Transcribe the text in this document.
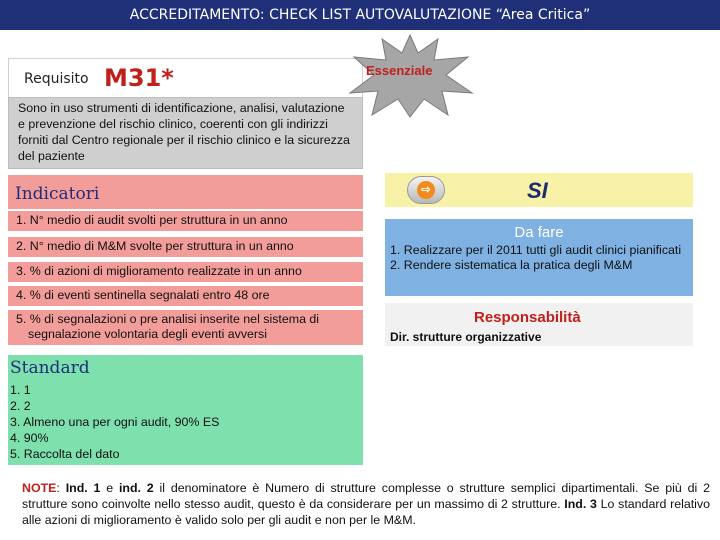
ACCREDITAMENTO: CHECK LIST AUTOVALUTAZIONE “Area Critica”
Requisito M31*	Essenziale
Sono in uso strumenti di identificazione, analisi, valutazione e prevenzione del rischio clinico, coerenti con gli indirizzi forniti dal Centro regionale per il rischio clinico e la sicurezza del paziente
Indicatori
1. N° medio di audit svolti per struttura in un anno
2. N° medio di M&M svolte per struttura in un anno
3. % di azioni di miglioramento realizzate in un anno
4. % di eventi sentinella segnalati entro 48 ore
5. % di segnalazioni o pre analisi inserite nel sistema di segnalazione volontaria degli eventi avversi
⇨	SI
Da fare
1. Realizzare per il 2011 tutti gli audit clinici pianificati
2. Rendere sistematica la pratica degli M&M
Responsabilità
Dir. strutture organizzative
Standard
1. 1
2. 2
3. Almeno una per ogni audit, 90% ES
4. 90%
5. Raccolta del dato
NOTE: Ind. 1 e ind. 2 il denominatore è Numero di strutture complesse o strutture semplici dipartimentali. Se più di 2 strutture sono coinvolte nello stesso audit, questo è da considerare per un massimo di 2 strutture. Ind. 3 Lo standard relativo alle azioni di miglioramento è valido solo per gli audit e non per le M&M.
